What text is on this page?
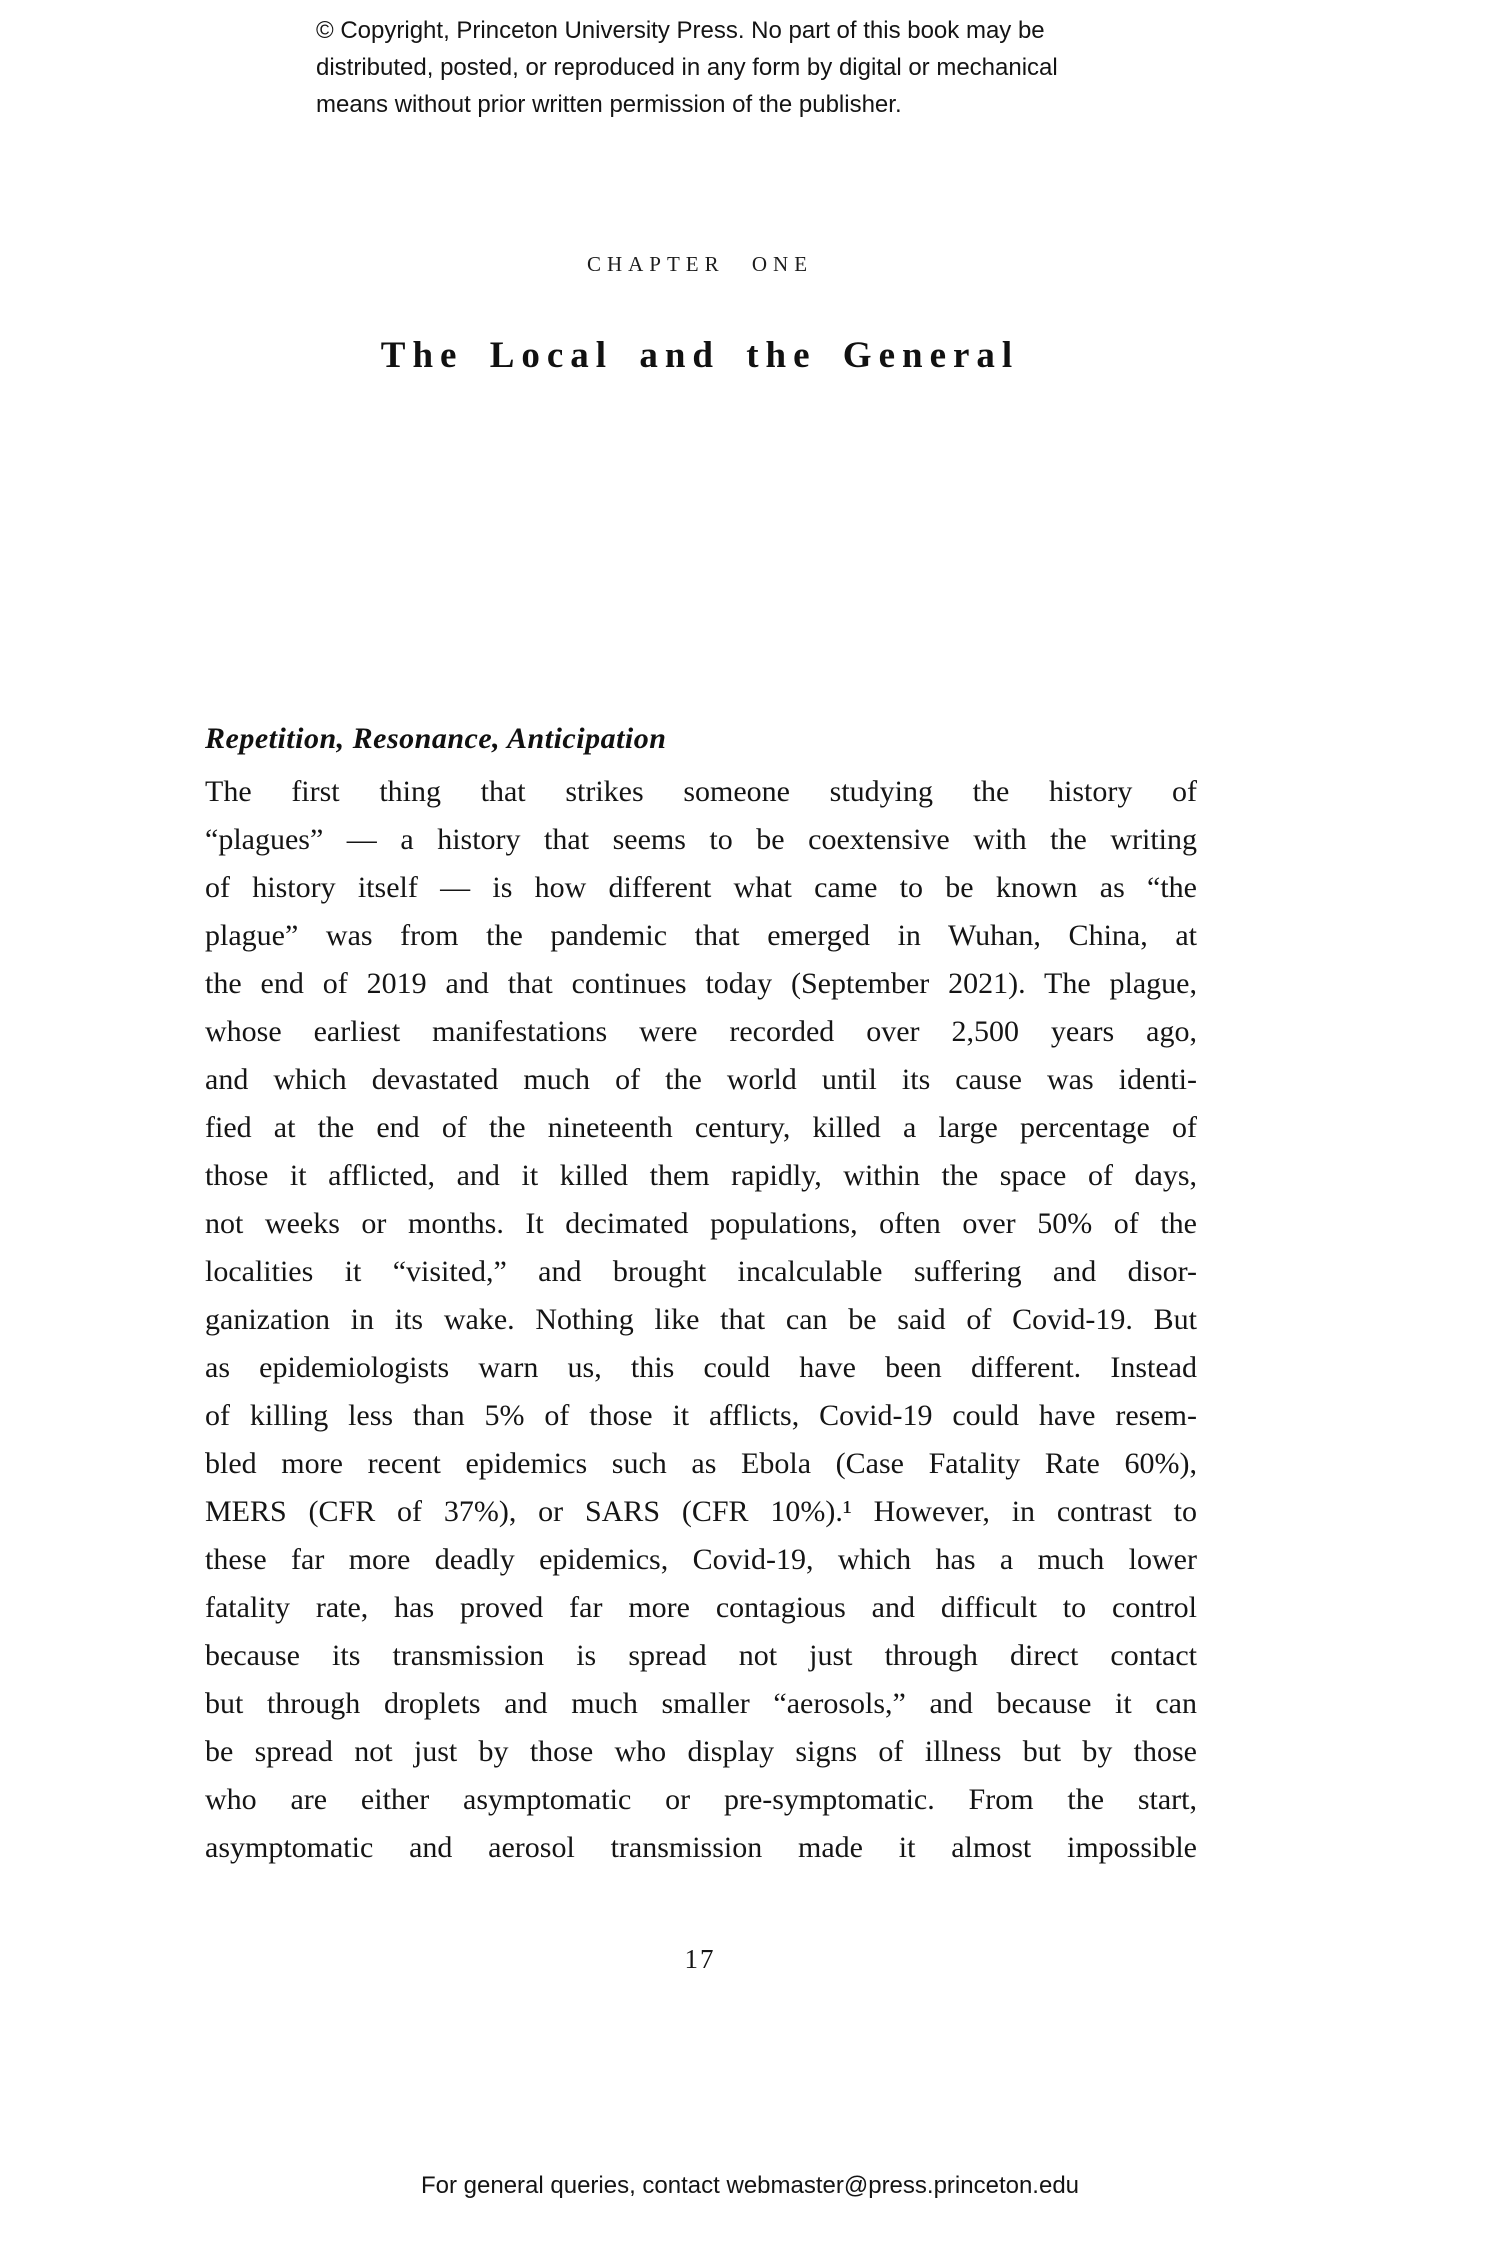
© Copyright, Princeton University Press. No part of this book may be
distributed, posted, or reproduced in any form by digital or mechanical
means without prior written permission of the publisher.
CHAPTER ONE
The Local and the General
Repetition, Resonance, Anticipation
The first thing that strikes someone studying the history of
“plagues” — a history that seems to be coextensive with the writing
of history itself — is how different what came to be known as “the
plague” was from the pandemic that emerged in Wuhan, China, at
the end of 2019 and that continues today (September 2021). The plague,
whose earliest manifestations were recorded over 2,500 years ago,
and which devastated much of the world until its cause was identi-
fied at the end of the nineteenth century, killed a large percentage of
those it afflicted, and it killed them rapidly, within the space of days,
not weeks or months. It decimated populations, often over 50% of the
localities it “visited,” and brought incalculable suffering and disor-
ganization in its wake. Nothing like that can be said of Covid-19. But
as epidemiologists warn us, this could have been different. Instead
of killing less than 5% of those it afflicts, Covid-19 could have resem-
bled more recent epidemics such as Ebola (Case Fatality Rate 60%),
MERS (CFR of 37%), or SARS (CFR 10%).¹ However, in contrast to
these far more deadly epidemics, Covid-19, which has a much lower
fatality rate, has proved far more contagious and difficult to control
because its transmission is spread not just through direct contact
but through droplets and much smaller “aerosols,” and because it can
be spread not just by those who display signs of illness but by those
who are either asymptomatic or pre-symptomatic. From the start,
asymptomatic and aerosol transmission made it almost impossible
17
For general queries, contact webmaster@press.princeton.edu
